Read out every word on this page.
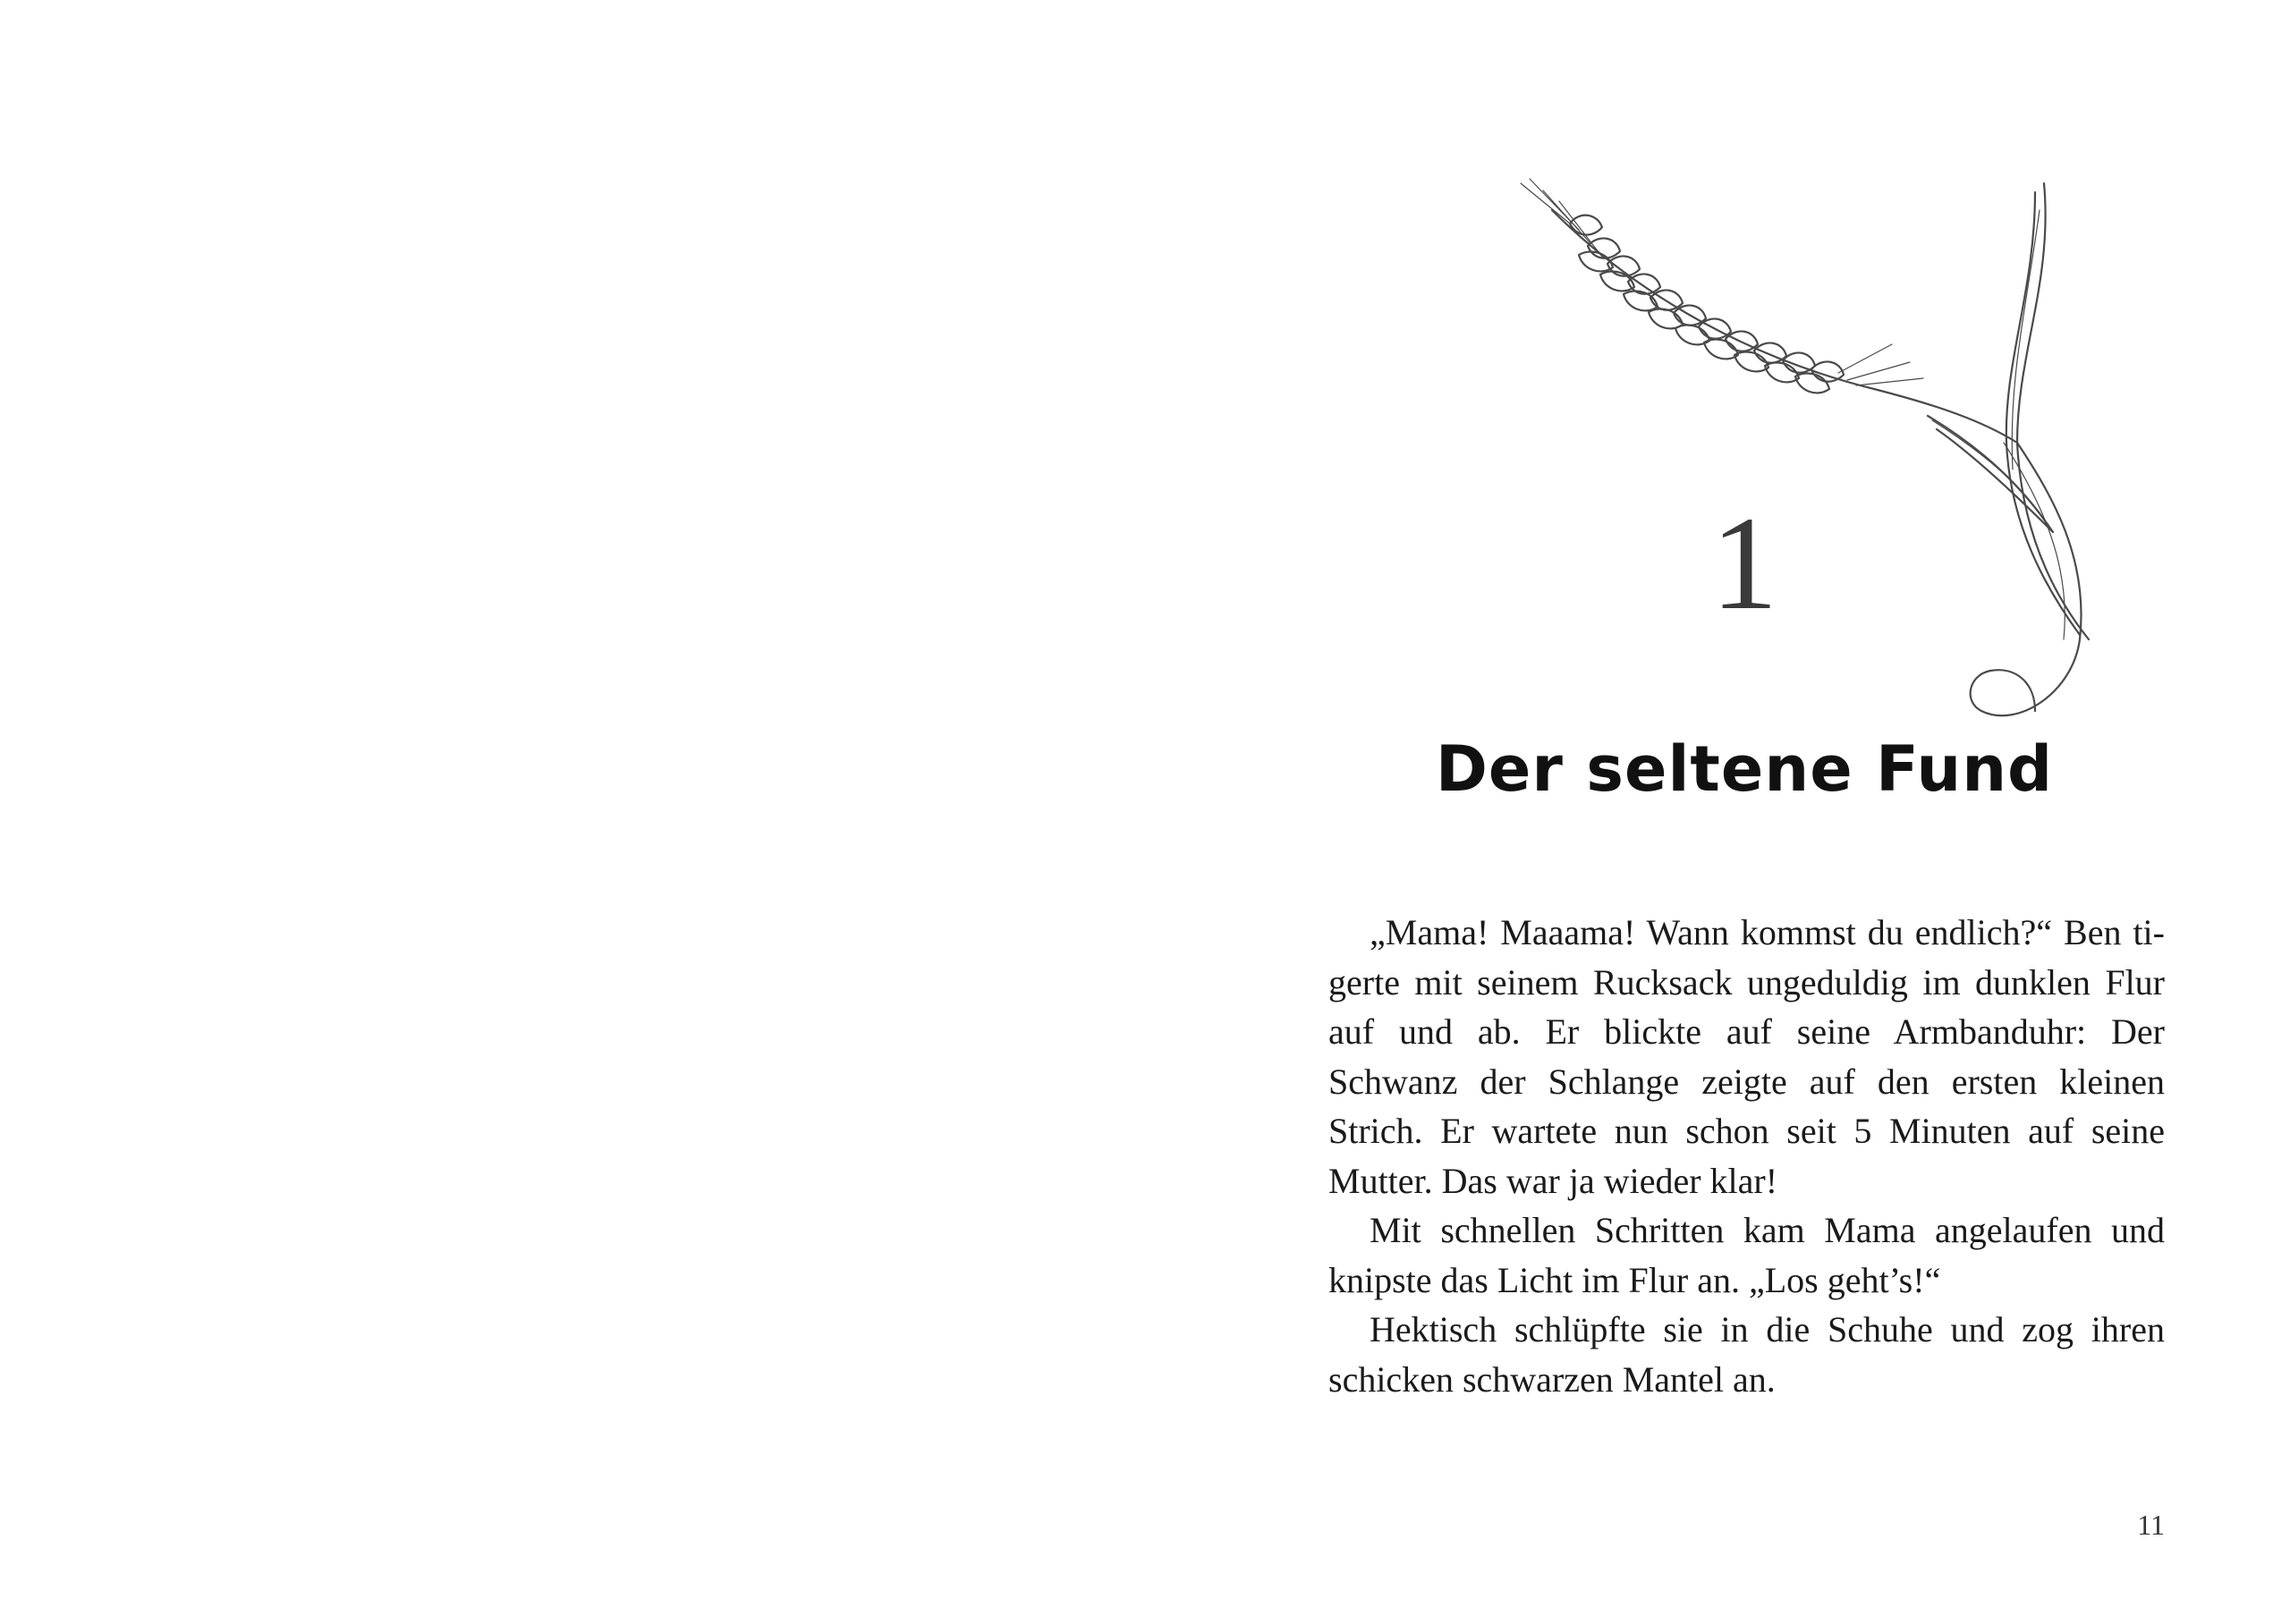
1
Der seltene Fund

„Mama! Maaama! Wann kommst du endlich?“ Ben tigerte mit seinem Rucksack ungeduldig im dunklen Flur auf und ab. Er blickte auf seine Armbanduhr: Der Schwanz der Schlange zeigte auf den ersten kleinen Strich. Er wartete nun schon seit 5 Minuten auf seine Mutter. Das war ja wieder klar!

Mit schnellen Schritten kam Mama angelaufen und knipste das Licht im Flur an. „Los geht’s!“

Hektisch schlüpfte sie in die Schuhe und zog ihren schicken schwarzen Mantel an.

11
